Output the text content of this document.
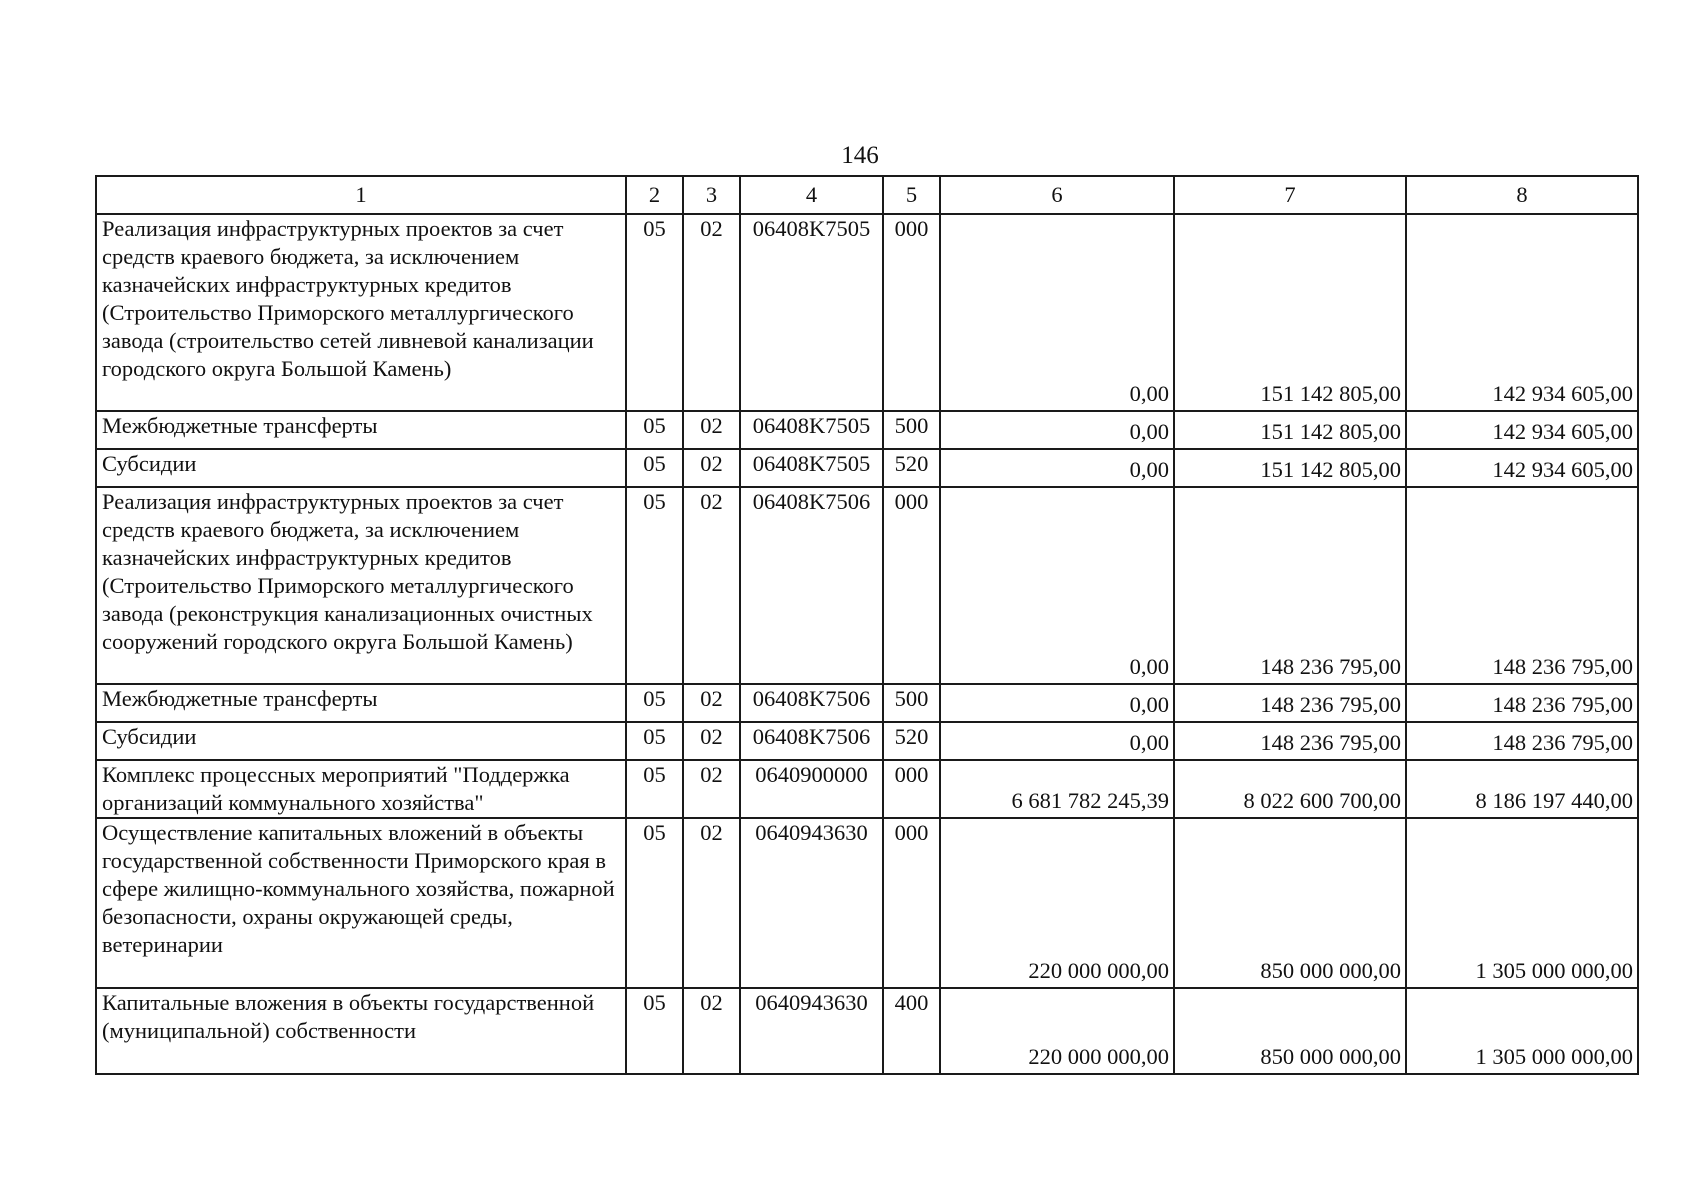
146
1	2	3	4	5	6	7	8
Реализация инфраструктурных проектов за счет средств краевого бюджета, за исключением казначейских инфраструктурных кредитов (Строительство Приморского металлургического завода (строительство сетей ливневой канализации городского округа Большой Камень)	05	02	06408K7505	000	0,00	151 142 805,00	142 934 605,00
Межбюджетные трансферты	05	02	06408K7505	500	0,00	151 142 805,00	142 934 605,00
Субсидии	05	02	06408K7505	520	0,00	151 142 805,00	142 934 605,00
Реализация инфраструктурных проектов за счет средств краевого бюджета, за исключением казначейских инфраструктурных кредитов (Строительство Приморского металлургического завода (реконструкция канализационных очистных сооружений городского округа Большой Камень)	05	02	06408K7506	000	0,00	148 236 795,00	148 236 795,00
Межбюджетные трансферты	05	02	06408K7506	500	0,00	148 236 795,00	148 236 795,00
Субсидии	05	02	06408K7506	520	0,00	148 236 795,00	148 236 795,00
Комплекс процессных мероприятий "Поддержка организаций коммунального хозяйства"	05	02	0640900000	000	6 681 782 245,39	8 022 600 700,00	8 186 197 440,00
Осуществление капитальных вложений в объекты государственной собственности Приморского края в сфере жилищно-коммунального хозяйства, пожарной безопасности, охраны окружающей среды, ветеринарии	05	02	0640943630	000	220 000 000,00	850 000 000,00	1 305 000 000,00
Капитальные вложения в объекты государственной (муниципальной) собственности	05	02	0640943630	400	220 000 000,00	850 000 000,00	1 305 000 000,00
